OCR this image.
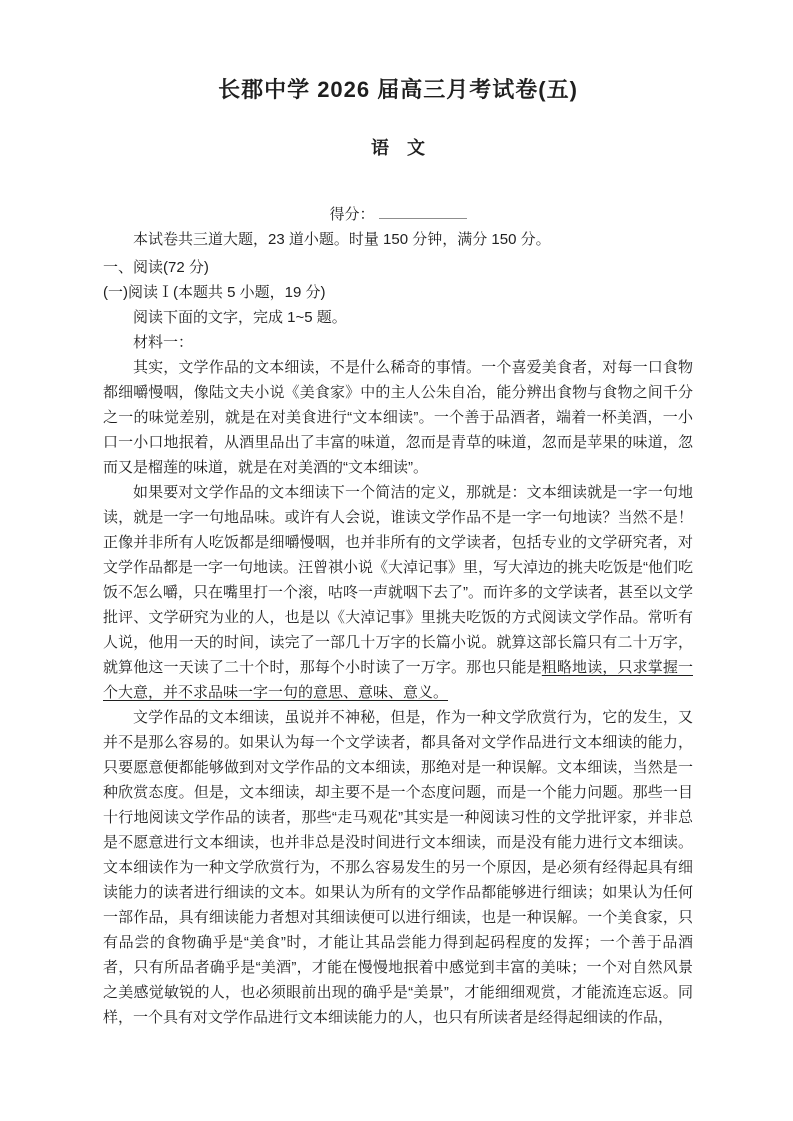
长郡中学 2026 届高三月考试卷(五)
语　文
得分：

本试卷共三道大题，23 道小题。时量 150 分钟，满分 150 分。

一、阅读(72 分)

(一)阅读Ⅰ(本题共 5 小题，19 分)

阅读下面的文字，完成 1~5 题。

材料一：

其实，文学作品的文本细读，不是什么稀奇的事情。一个喜爱美食者，对每一口食物都细嚼慢咽，像陆文夫小说《美食家》中的主人公朱自冶，能分辨出食物与食物之间千分之一的味觉差别，就是在对美食进行“文本细读”。一个善于品酒者，端着一杯美酒，一小口一小口地抿着，从酒里品出了丰富的味道，忽而是青草的味道，忽而是苹果的味道，忽而又是榴莲的味道，就是在对美酒的“文本细读”。

如果要对文学作品的文本细读下一个简洁的定义，那就是：文本细读就是一字一句地读，就是一字一句地品味。或许有人会说，谁读文学作品不是一字一句地读？当然不是！正像并非所有人吃饭都是细嚼慢咽，也并非所有的文学读者，包括专业的文学研究者，对文学作品都是一字一句地读。汪曾祺小说《大淖记事》里，写大淖边的挑夫吃饭是“他们吃饭不怎么嚼，只在嘴里打一个滚，咕咚一声就咽下去了”。而许多的文学读者，甚至以文学批评、文学研究为业的人，也是以《大淖记事》里挑夫吃饭的方式阅读文学作品。常听有人说，他用一天的时间，读完了一部几十万字的长篇小说。就算这部长篇只有二十万字，就算他这一天读了二十个时，那每个小时读了一万字。那也只能是粗略地读，只求掌握一个大意，并不求品味一字一句的意思、意味、意义。

文学作品的文本细读，虽说并不神秘，但是，作为一种文学欣赏行为，它的发生，又并不是那么容易的。如果认为每一个文学读者，都具备对文学作品进行文本细读的能力，只要愿意便都能够做到对文学作品的文本细读，那绝对是一种误解。文本细读，当然是一种欣赏态度。但是，文本细读，却主要不是一个态度问题，而是一个能力问题。那些一目十行地阅读文学作品的读者，那些“走马观花”其实是一种阅读习性的文学批评家，并非总是不愿意进行文本细读，也并非总是没时间进行文本细读，而是没有能力进行文本细读。文本细读作为一种文学欣赏行为，不那么容易发生的另一个原因，是必须有经得起具有细读能力的读者进行细读的文本。如果认为所有的文学作品都能够进行细读；如果认为任何一部作品，具有细读能力者想对其细读便可以进行细读，也是一种误解。一个美食家，只有品尝的食物确乎是“美食”时，才能让其品尝能力得到起码程度的发挥；一个善于品酒者，只有所品者确乎是“美酒”，才能在慢慢地抿着中感觉到丰富的美味；一个对自然风景之美感觉敏锐的人，也必须眼前出现的确乎是“美景”，才能细细观赏，才能流连忘返。同样，一个具有对文学作品进行文本细读能力的人，也只有所读者是经得起细读的作品，
